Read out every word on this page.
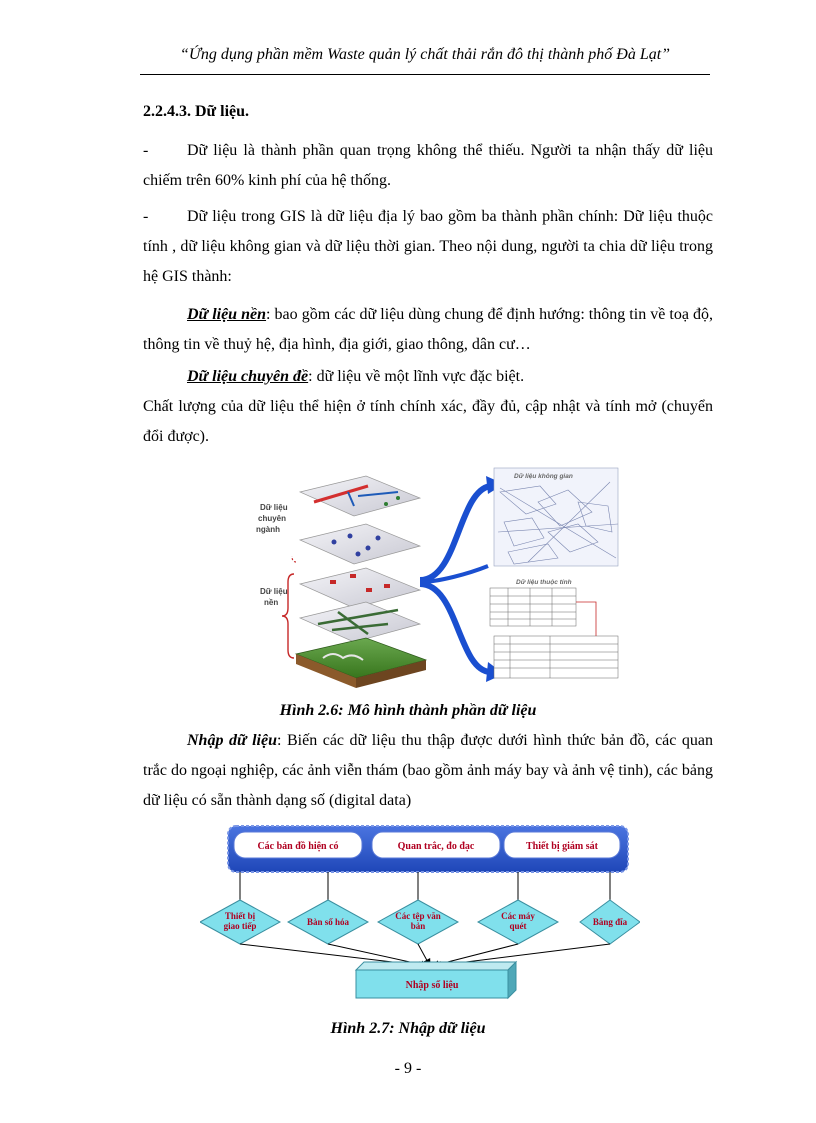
“Ứng dụng phần mềm Waste quản lý chất thải rắn đô thị thành phố Đà Lạt”
2.2.4.3. Dữ liệu.
- Dữ liệu là thành phần quan trọng không thể thiếu. Người ta nhận thấy dữ liệu chiếm trên 60% kinh phí của hệ thống.
- Dữ liệu trong GIS là dữ liệu địa lý bao gồm ba thành phần chính: Dữ liệu thuộc tính , dữ liệu không gian và dữ liệu thời gian. Theo nội dung, người ta chia dữ liệu trong hệ GIS thành:
Dữ liệu nền: bao gồm các dữ liệu dùng chung để định hướng: thông tin về toạ độ, thông tin về thuỷ hệ, địa hình, địa giới, giao thông, dân cư…
Dữ liệu chuyên đề: dữ liệu về một lĩnh vực đặc biệt.
Chất lượng của dữ liệu thể hiện ở tính chính xác, đầy đủ, cập nhật và tính mở (chuyển đổi được).
Dữ liệu chuyên ngành
Dữ liệu nền
Dữ liệu không gian
Dữ liệu thuộc tính
Hình 2.6: Mô hình thành phần dữ liệu
Nhập dữ liệu: Biến các dữ liệu thu thập được dưới hình thức bản đồ, các quan trắc do ngoại nghiệp, các ảnh viễn thám (bao gồm ảnh máy bay và ảnh vệ tinh), các bảng dữ liệu có sẵn thành dạng số (digital data)
Các bản đồ hiện có	Quan trắc, đo đạc	Thiết bị giám sát
Thiết bị giao tiếp	Bàn số hóa
Các tệp văn bản
Các máy quét	Băng đĩa
Nhập số liệu
Hình 2.7: Nhập dữ liệu
- 9 -
